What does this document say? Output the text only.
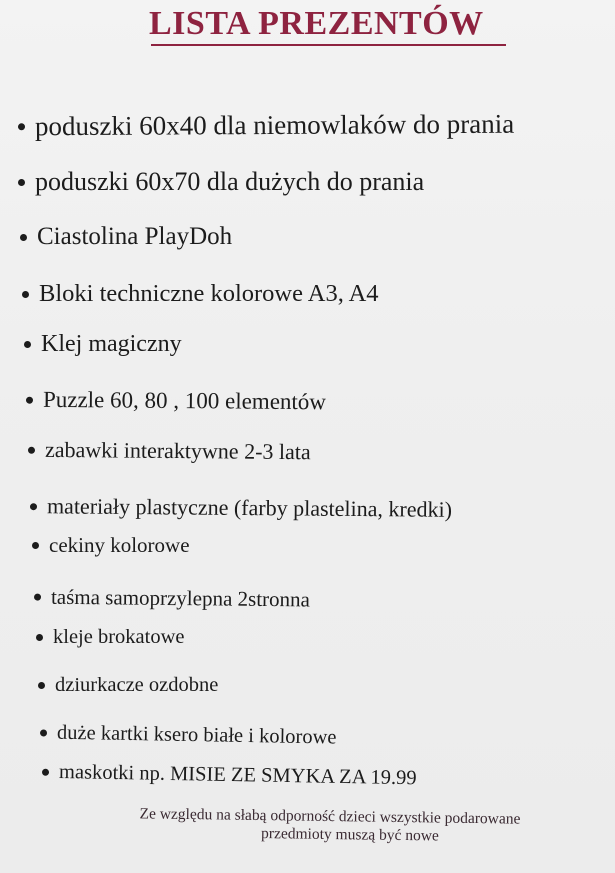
LISTA PREZENTÓW
poduszki 60x40 dla niemowlaków do prania
poduszki 60x70 dla dużych do prania
Ciastolina PlayDoh
Bloki techniczne kolorowe A3, A4
Klej magiczny
Puzzle 60, 80 , 100 elementów
zabawki interaktywne 2-3 lata
materiały plastyczne (farby plastelina, kredki)
cekiny kolorowe
taśma samoprzylepna 2stronna
kleje brokatowe
dziurkacze ozdobne
duże kartki ksero białe i kolorowe
maskotki np. MISIE ZE SMYKA ZA 19.99
Ze względu na słabą odporność dzieci wszystkie podarowane
przedmioty muszą być nowe
